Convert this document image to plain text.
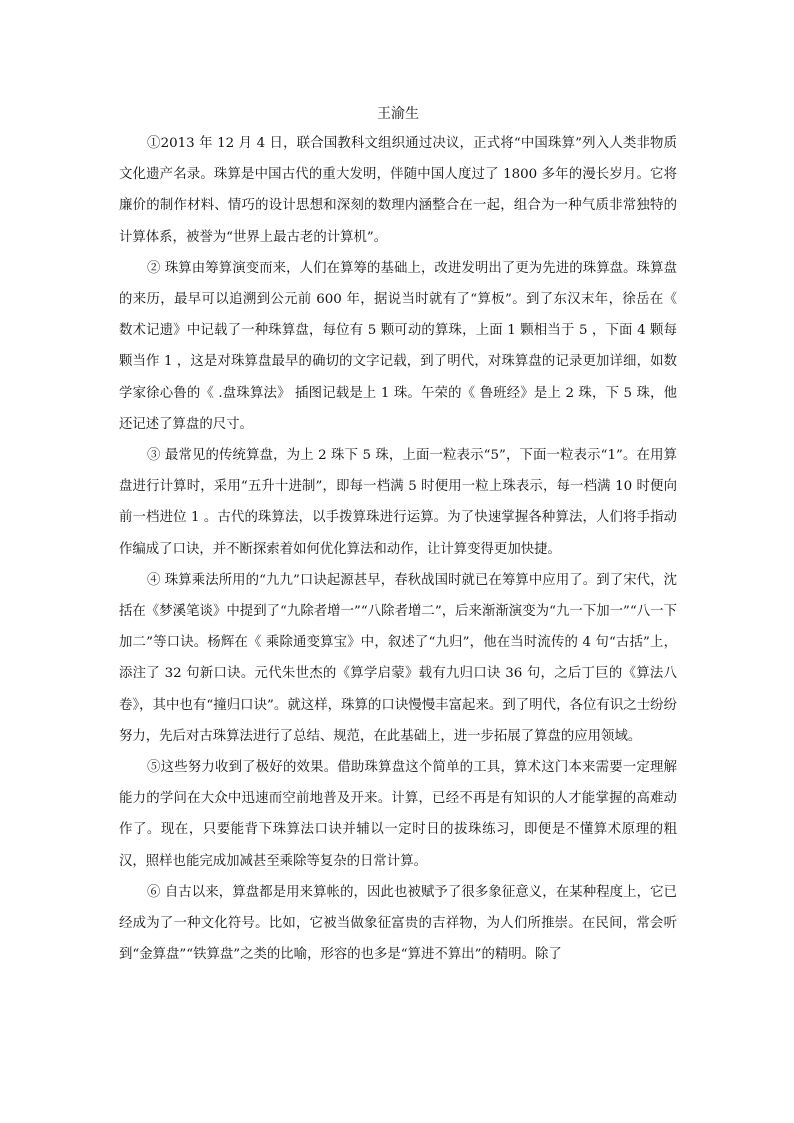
王渝生

①2013 年 12 月 4 日，联合国教科文组织通过决议，正式将“中国珠算”列入人类非物质文化遗产名录。珠算是中国古代的重大发明，伴随中国人度过了 1800 多年的漫长岁月。它将廉价的制作材料、情巧的设计思想和深刻的数理内涵整合在一起，组合为一种气质非常独特的计算体系，被誉为“世界上最古老的计算机”。

② 珠算由筹算演变而来，人们在算筹的基础上，改进发明出了更为先进的珠算盘。珠算盘的来历，最早可以追溯到公元前 600 年，据说当时就有了“算板”。到了东汉末年，徐岳在《 数术记遗》中记载了一种珠算盘，每位有 5 颗可动的算珠，上面 1 颗相当于 5 ，下面 4 颗每颗当作 1 ，这是对珠算盘最早的确切的文字记载，到了明代，对珠算盘的记录更加详细，如数学家徐心鲁的《 .盘珠算法》 插图记载是上 1 珠。午荣的《 鲁班经》是上 2 珠，下 5 珠，他还记述了算盘的尺寸。

③ 最常见的传统算盘，为上 2 珠下 5 珠，上面一粒表示“5”，下面一粒表示“1”。在用算盘进行计算时，采用“五升十进制”，即每一档满 5 时便用一粒上珠表示，每一档满 10 时便向前一档进位 1 。古代的珠算法，以手拨算珠进行运算。为了快速掌握各种算法，人们将手指动作编成了口诀，并不断探索着如何优化算法和动作，让计算变得更加快捷。

④ 珠算乘法所用的“九九”口诀起源甚早，春秋战国时就已在筹算中应用了。到了宋代，沈括在《梦溪笔谈》中提到了“九除者增一”“八除者增二”，后来渐渐演变为“九一下加一”“八一下加二”等口诀。杨辉在《 乘除通变算宝》中，叙述了“九归”，他在当时流传的 4 句“古括”上，添注了 32 句新口诀。元代朱世杰的《算学启蒙》载有九归口诀 36 句，之后丁巨的《算法八卷》，其中也有“撞归口诀”。就这样，珠算的口诀慢慢丰富起来。到了明代，各位有识之士纷纷努力，先后对古珠算法进行了总结、规范，在此基础上，进一步拓展了算盘的应用领域。

⑤这些努力收到了极好的效果。借助珠算盘这个简单的工具，算术这门本来需要一定理解能力的学问在大众中迅速而空前地普及开来。计算，已经不再是有知识的人才能掌握的高难动作了。现在，只要能背下珠算法口诀并辅以一定时日的拔珠练习，即便是不懂算术原理的粗汉，照样也能完成加减甚至乘除等复杂的日常计算。

⑥ 自古以来，算盘都是用来算帐的，因此也被赋予了很多象征意义，在某种程度上，它已经成为了一种文化符号。比如，它被当做象征富贵的吉祥物，为人们所推崇。在民间，常会听到“金算盘”“铁算盘”之类的比喻，形容的也多是“算进不算出”的精明。除了
